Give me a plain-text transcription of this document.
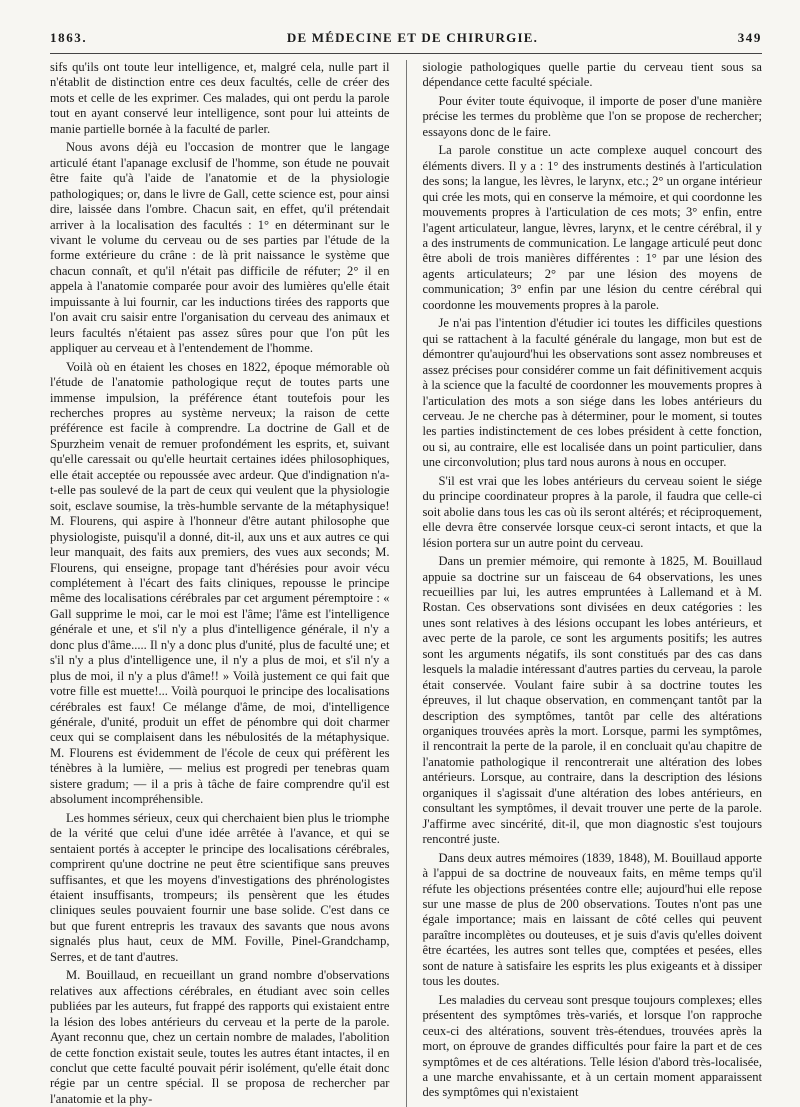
1863.	DE MÉDECINE ET DE CHIRURGIE.	349

sifs qu'ils ont toute leur intelligence, et, malgré cela, nulle part il n'établit de distinction entre ces deux facultés, celle de créer des mots et celle de les exprimer. Ces malades, qui ont perdu la parole tout en ayant conservé leur intelligence, sont pour lui atteints de manie partielle bornée à la faculté de parler.

Nous avons déjà eu l'occasion de montrer que le langage articulé étant l'apanage exclusif de l'homme, son étude ne pouvait être faite qu'à l'aide de l'anatomie et de la physiologie pathologiques; or, dans le livre de Gall, cette science est, pour ainsi dire, laissée dans l'ombre. Chacun sait, en effet, qu'il prétendait arriver à la localisation des facultés : 1° en déterminant sur le vivant le volume du cerveau ou de ses parties par l'étude de la forme extérieure du crâne : de là prit naissance le système que chacun connaît, et qu'il n'était pas difficile de réfuter; 2° il en appela à l'anatomie comparée pour avoir des lumières qu'elle était impuissante à lui fournir, car les inductions tirées des rapports que l'on avait cru saisir entre l'organisation du cerveau des animaux et leurs facultés n'étaient pas assez sûres pour que l'on pût les appliquer au cerveau et à l'entendement de l'homme.

Voilà où en étaient les choses en 1822, époque mémorable où l'étude de l'anatomie pathologique reçut de toutes parts une immense impulsion, la préférence étant toutefois pour les recherches propres au système nerveux; la raison de cette préférence est facile à comprendre. La doctrine de Gall et de Spurzheim venait de remuer profondément les esprits, et, suivant qu'elle caressait ou qu'elle heurtait certaines idées philosophiques, elle était acceptée ou repoussée avec ardeur. Que d'indignation n'a-t-elle pas soulevé de la part de ceux qui veulent que la physiologie soit, esclave soumise, la très-humble servante de la métaphysique! M. Flourens, qui aspire à l'honneur d'être autant philosophe que physiologiste, puisqu'il a donné, dit-il, aux uns et aux autres ce qui leur manquait, des faits aux premiers, des vues aux seconds; M. Flourens, qui enseigne, propage tant d'hérésies pour avoir vécu complétement à l'écart des faits cliniques, repousse le principe même des localisations cérébrales par cet argument péremptoire : « Gall supprime le moi, car le moi est l'âme; l'âme est l'intelligence générale et une, et s'il n'y a plus d'intelligence générale, il n'y a donc plus d'âme..... Il n'y a donc plus d'unité, plus de faculté une; et s'il n'y a plus d'intelligence une, il n'y a plus de moi, et s'il n'y a plus de moi, il n'y a plus d'âme!! » Voilà justement ce qui fait que votre fille est muette!... Voilà pourquoi le principe des localisations cérébrales est faux! Ce mélange d'âme, de moi, d'intelligence générale, d'unité, produit un effet de pénombre qui doit charmer ceux qui se complaisent dans les nébulosités de la métaphysique. M. Flourens est évidemment de l'école de ceux qui préfèrent les ténèbres à la lumière, — melius est progredi per tenebras quam sistere gradum; — il a pris à tâche de faire comprendre qu'il est absolument incompréhensible.

Les hommes sérieux, ceux qui cherchaient bien plus le triomphe de la vérité que celui d'une idée arrêtée à l'avance, et qui se sentaient portés à accepter le principe des localisations cérébrales, comprirent qu'une doctrine ne peut être scientifique sans preuves suffisantes, et que les moyens d'investigations des phrénologistes étaient insuffisants, trompeurs; ils pensèrent que les études cliniques seules pouvaient fournir une base solide. C'est dans ce but que furent entrepris les travaux des savants que nous avons signalés plus haut, ceux de MM. Foville, Pinel-Grandchamp, Serres, et de tant d'autres.

M. Bouillaud, en recueillant un grand nombre d'observations relatives aux affections cérébrales, en étudiant avec soin celles publiées par les auteurs, fut frappé des rapports qui existaient entre la lésion des lobes antérieurs du cerveau et la perte de la parole. Ayant reconnu que, chez un certain nombre de malades, l'abolition de cette fonction existait seule, toutes les autres étant intactes, il en conclut que cette faculté pouvait périr isolément, qu'elle était donc régie par un centre spécial. Il se proposa de rechercher par l'anatomie et la phy-

siologie pathologiques quelle partie du cerveau tient sous sa dépendance cette faculté spéciale.

Pour éviter toute équivoque, il importe de poser d'une manière précise les termes du problème que l'on se propose de rechercher; essayons donc de le faire.

La parole constitue un acte complexe auquel concourt des éléments divers. Il y a : 1° des instruments destinés à l'articulation des sons; la langue, les lèvres, le larynx, etc.; 2° un organe intérieur qui crée les mots, qui en conserve la mémoire, et qui coordonne les mouvements propres à l'articulation de ces mots; 3° enfin, entre l'agent articulateur, langue, lèvres, larynx, et le centre cérébral, il y a des instruments de communication. Le langage articulé peut donc être aboli de trois manières différentes : 1° par une lésion des agents articulateurs; 2° par une lésion des moyens de communication; 3° enfin par une lésion du centre cérébral qui coordonne les mouvements propres à la parole.

Je n'ai pas l'intention d'étudier ici toutes les difficiles questions qui se rattachent à la faculté générale du langage, mon but est de démontrer qu'aujourd'hui les observations sont assez nombreuses et assez précises pour considérer comme un fait définitivement acquis à la science que la faculté de coordonner les mouvements propres à l'articulation des mots a son siége dans les lobes antérieurs du cerveau. Je ne cherche pas à déterminer, pour le moment, si toutes les parties indistinctement de ces lobes président à cette fonction, ou si, au contraire, elle est localisée dans un point particulier, dans une circonvolution; plus tard nous aurons à nous en occuper.

S'il est vrai que les lobes antérieurs du cerveau soient le siége du principe coordinateur propres à la parole, il faudra que celle-ci soit abolie dans tous les cas où ils seront altérés; et réciproquement, elle devra être conservée lorsque ceux-ci seront intacts, et que la lésion portera sur un autre point du cerveau.

Dans un premier mémoire, qui remonte à 1825, M. Bouillaud appuie sa doctrine sur un faisceau de 64 observations, les unes recueillies par lui, les autres empruntées à Lallemand et à M. Rostan. Ces observations sont divisées en deux catégories : les unes sont relatives à des lésions occupant les lobes antérieurs, et avec perte de la parole, ce sont les arguments positifs; les autres sont les arguments négatifs, ils sont constitués par des cas dans lesquels la maladie intéressant d'autres parties du cerveau, la parole était conservée. Voulant faire subir à sa doctrine toutes les épreuves, il lut chaque observation, en commençant tantôt par la description des symptômes, tantôt par celle des altérations organiques trouvées après la mort. Lorsque, parmi les symptômes, il rencontrait la perte de la parole, il en concluait qu'au chapitre de l'anatomie pathologique il rencontrerait une altération des lobes antérieurs. Lorsque, au contraire, dans la description des lésions organiques il s'agissait d'une altération des lobes antérieurs, en consultant les symptômes, il devait trouver une perte de la parole. J'affirme avec sincérité, dit-il, que mon diagnostic s'est toujours rencontré juste.

Dans deux autres mémoires (1839, 1848), M. Bouillaud apporte à l'appui de sa doctrine de nouveaux faits, en même temps qu'il réfute les objections présentées contre elle; aujourd'hui elle repose sur une masse de plus de 200 observations. Toutes n'ont pas une égale importance; mais en laissant de côté celles qui peuvent paraître incomplètes ou douteuses, et je suis d'avis qu'elles doivent être écartées, les autres sont telles que, comptées et pesées, elles sont de nature à satisfaire les esprits les plus exigeants et à dissiper tous les doutes.

Les maladies du cerveau sont presque toujours complexes; elles présentent des symptômes très-variés, et lorsque l'on rapproche ceux-ci des altérations, souvent très-étendues, trouvées après la mort, on éprouve de grandes difficultés pour faire la part et de ces symptômes et de ces altérations. Telle lésion d'abord très-localisée, a une marche envahissante, et à un certain moment apparaissent des symptômes qui n'existaient
